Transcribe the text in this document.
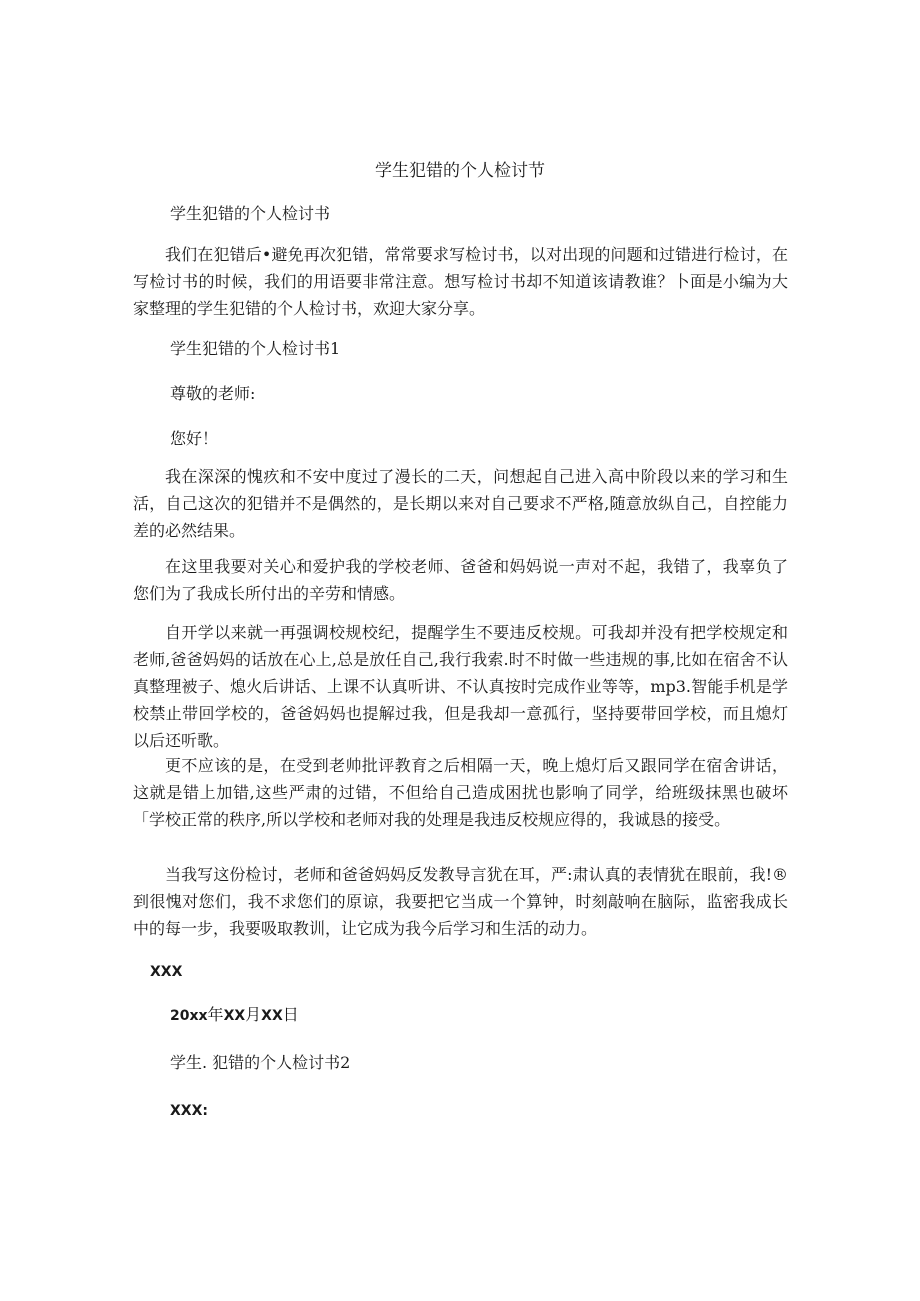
学生犯错的个人检讨节
学生犯错的个人检讨书
我们在犯错后•避免再次犯错，常常要求写检讨书，以对出现的问题和过错进行检讨，在写检讨书的时候，我们的用语要非常注意。想写检讨书却不知道该请教谁？卜面是小编为大家整理的学生犯错的个人检讨书，欢迎大家分享。
学生犯错的个人检讨书1
尊敬的老师:
您好！
我在深深的愧疚和不安中度过了漫长的二天，问想起自己进入高中阶段以来的学习和生活，自己这次的犯错并不是偶然的，是长期以来对自己要求不严格,随意放纵自己，自控能力差的必然结果。
在这里我要对关心和爱护我的学校老师、爸爸和妈妈说一声对不起，我错了，我辜负了您们为了我成长所付出的辛劳和情感。
自开学以来就一再强调校规校纪，提醒学生不要违反校规。可我却并没有把学校规定和老师,爸爸妈妈的话放在心上,总是放任自己,我行我索.时不时做一些违规的事,比如在宿舍不认真整理被子、熄火后讲话、上课不认真听讲、不认真按时完成作业等等，mp3.智能手机是学校禁止带回学校的，爸爸妈妈也提解过我，但是我却一意孤行，坚持要带回学校，而且熄灯以后还听歌。
更不应该的是，在受到老帅批评教育之后相隔一天，晚上熄灯后又跟同学在宿舍讲话，这就是错上加错,这些严肃的过错，不但给自己造成困扰也影响了同学，给班级抹黑也破坏「学校正常的秩序,所以学校和老师对我的处理是我违反校规应得的，我诚恳的接受。
当我写这份检讨，老师和爸爸妈妈反发教导言犹在耳，严:肃认真的表情犹在眼前，我!®到很愧对您们，我不求您们的原谅，我要把它当成一个算钟，时刻敲响在脑际，监密我成长中的每一步，我要吸取教训，让它成为我今后学习和生活的动力。
XXX
20xx年XX月XX日
学生. 犯错的个人检讨书2
XXX:
